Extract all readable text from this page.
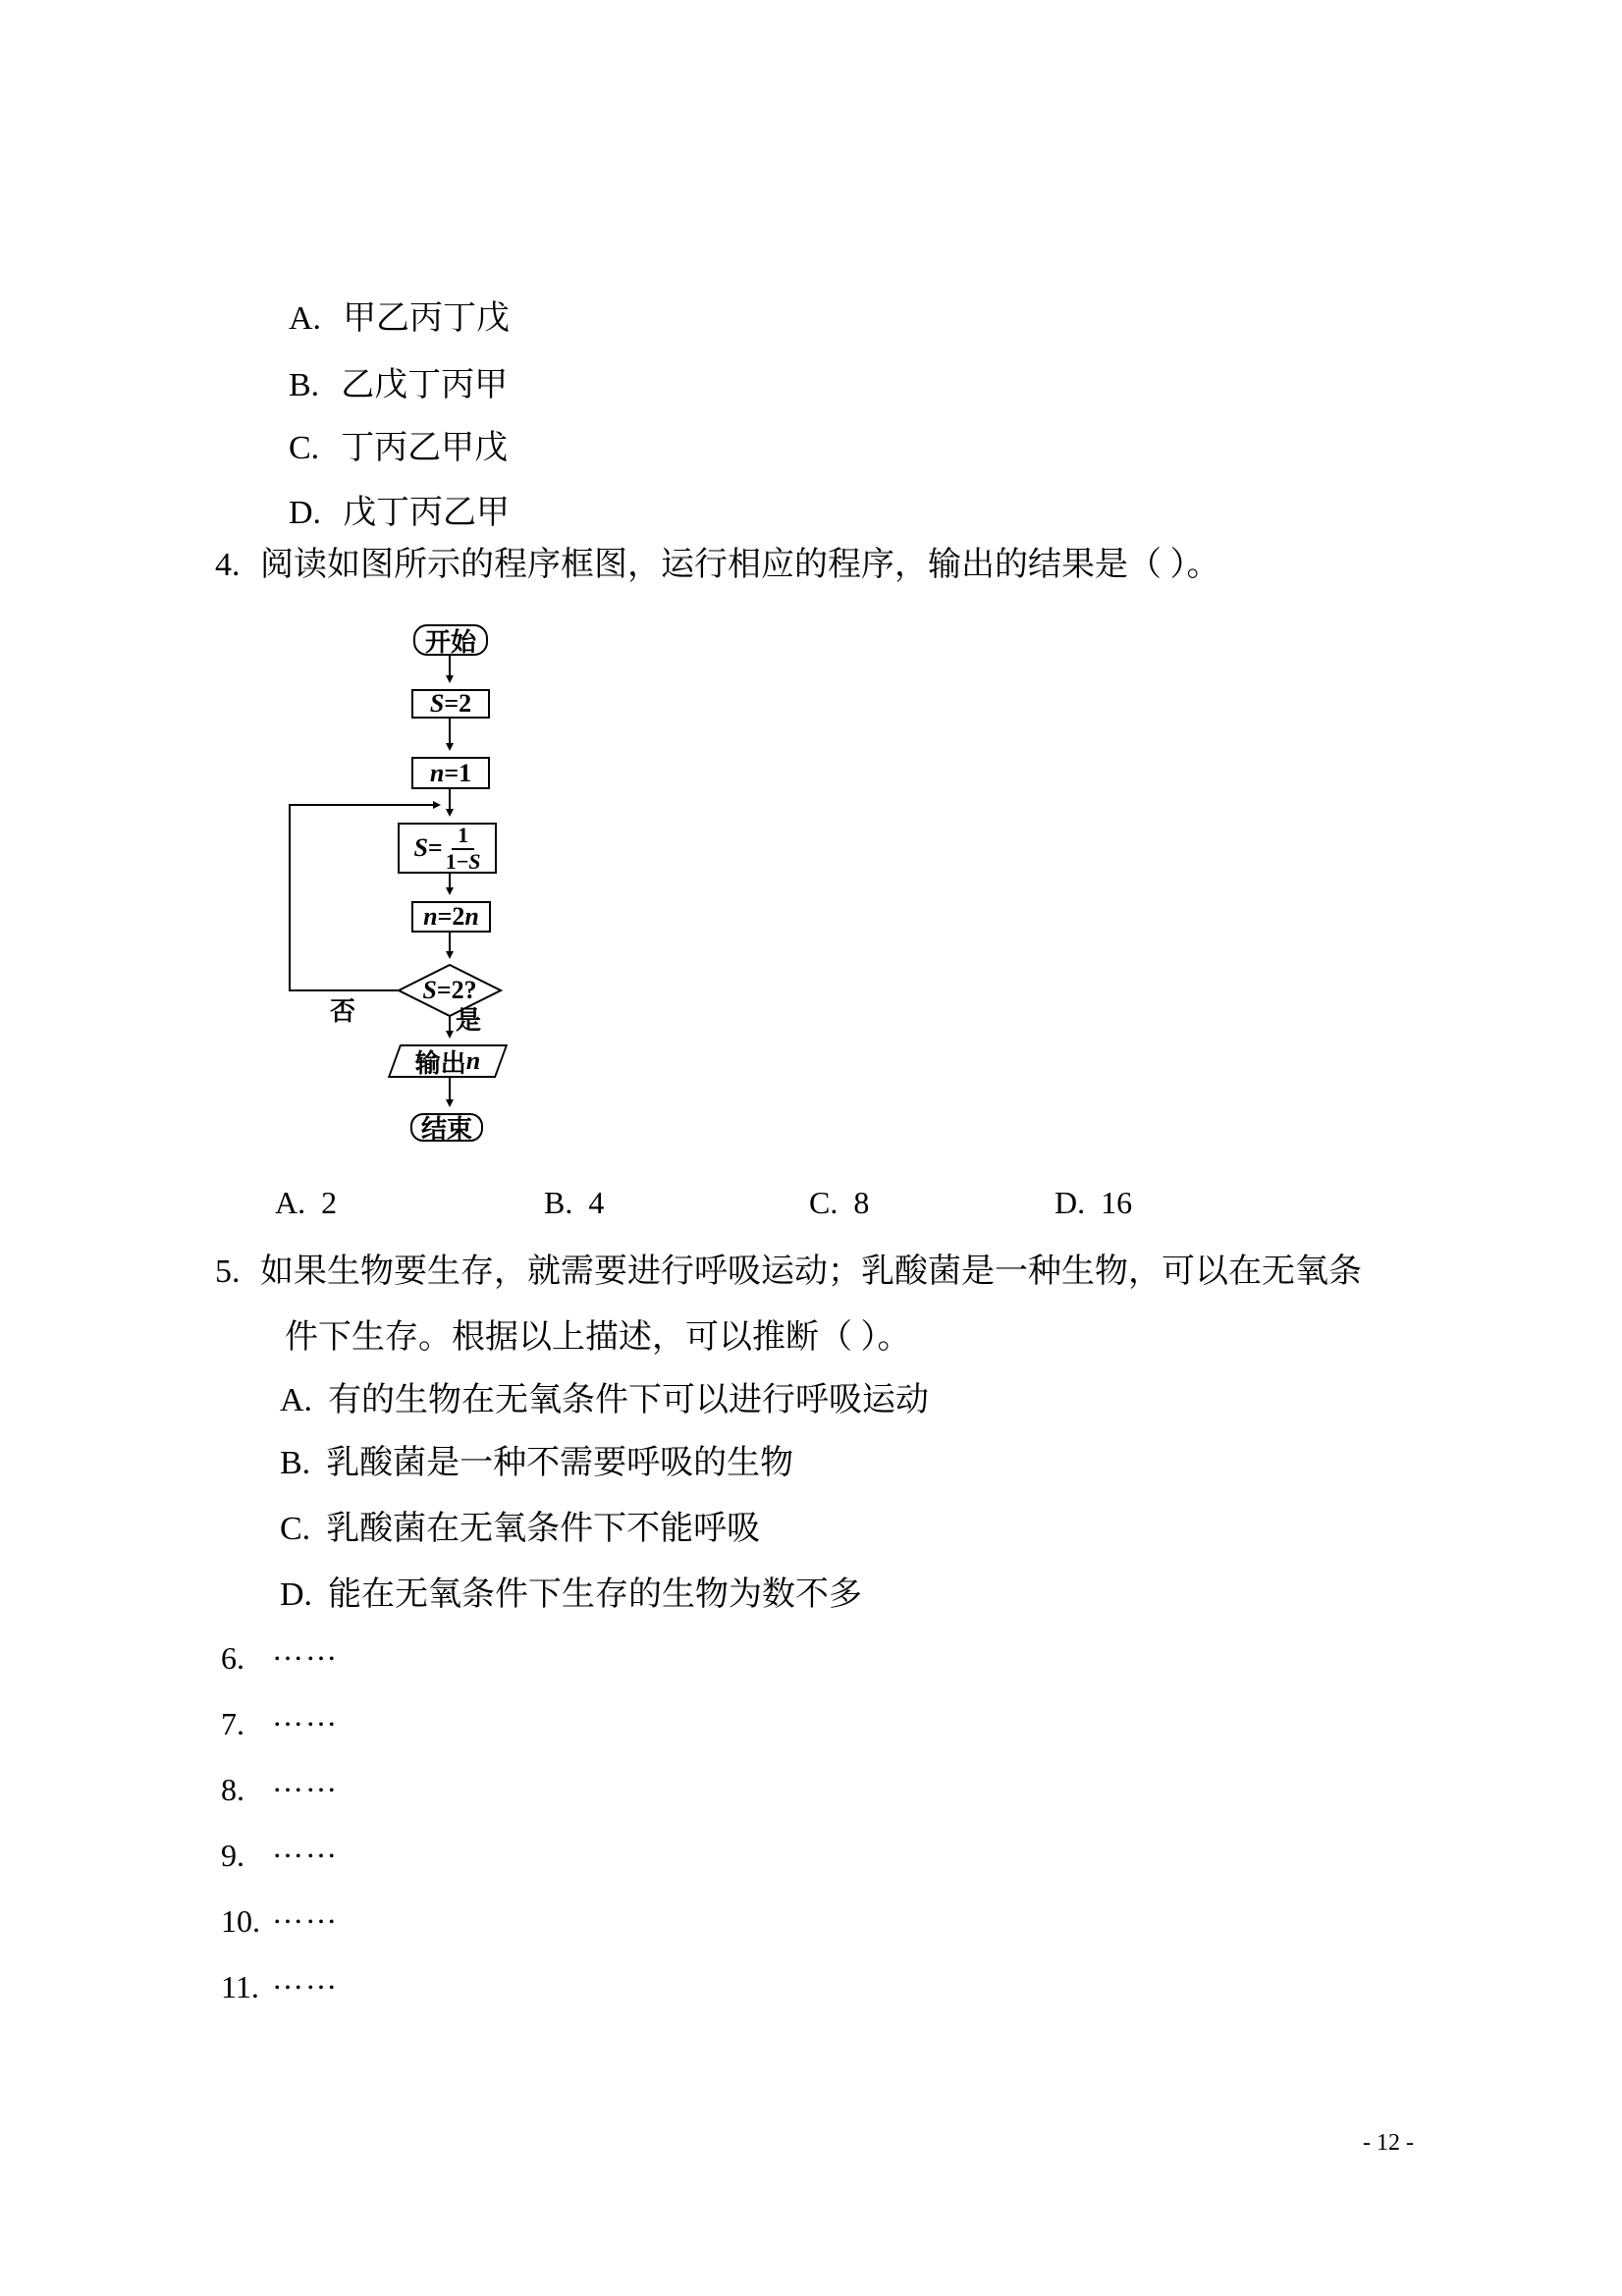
A. 甲乙丙丁戊
B. 乙戊丁丙甲
C. 丁丙乙甲戊
D. 戊丁丙乙甲
4. 阅读如图所示的程序框图，运行相应的程序，输出的结果是（ ）。
开始
S =2
n =1
$S = \frac{1}{1-S}$
n =2 n
S =2?
否	是
输出 n
结束
A. 2	B. 4	C. 8	D. 16
5. 如果生物要生存，就需要进行呼吸运动；乳酸菌是一种生物，可以在无氧条
件下生存。根据以上描述，可以推断（ ）。
A. 有的生物在无氧条件下可以进行呼吸运动
B. 乳酸菌是一种不需要呼吸的生物
C. 乳酸菌在无氧条件下不能呼吸
D. 能在无氧条件下生存的生物为数不多
6. ……
7. ……
8. ……
9. ……
10. ……
11. ……
- 12 -
